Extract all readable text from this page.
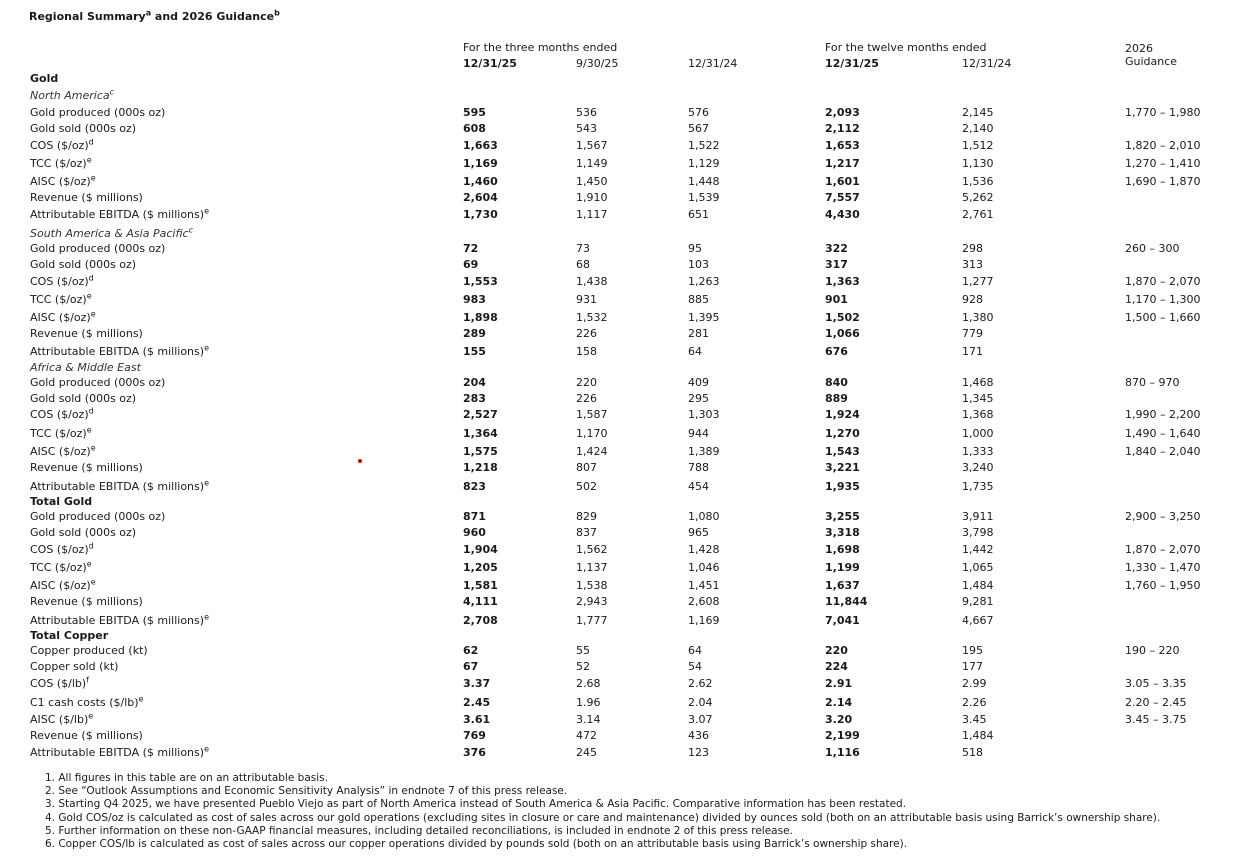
Regional Summary$^a$ and 2026 Guidance$^b$
For the three months ended	For the twelve months ended	2026
Guidance
12/31/25	9/30/25	12/31/24	12/31/25	12/31/24
Gold
North America$^c$
Gold produced (000s oz)	595	536	576	2,093	2,145	1,770 – 1,980
Gold sold (000s oz)	608	543	567	2,112	2,140
COS ($/oz)$^d$	1,663	1,567	1,522	1,653	1,512	1,820 – 2,010
TCC ($/oz)$^e$	1,169	1,149	1,129	1,217	1,130	1,270 – 1,410
AISC ($/oz)$^e$	1,460	1,450	1,448	1,601	1,536	1,690 – 1,870
Revenue ($ millions)	2,604	1,910	1,539	7,557	5,262
Attributable EBITDA ($ millions)$^e$	1,730	1,117	651	4,430	2,761
South America & Asia Pacific$^c$
Gold produced (000s oz)	72	73	95	322	298	260 – 300
Gold sold (000s oz)	69	68	103	317	313
COS ($/oz)$^d$	1,553	1,438	1,263	1,363	1,277	1,870 – 2,070
TCC ($/oz)$^e$	983	931	885	901	928	1,170 – 1,300
AISC ($/oz)$^e$	1,898	1,532	1,395	1,502	1,380	1,500 – 1,660
Revenue ($ millions)	289	226	281	1,066	779
Attributable EBITDA ($ millions)$^e$	155	158	64	676	171
Africa & Middle East
Gold produced (000s oz)	204	220	409	840	1,468	870 – 970
Gold sold (000s oz)	283	226	295	889	1,345
COS ($/oz)$^d$	2,527	1,587	1,303	1,924	1,368	1,990 – 2,200
TCC ($/oz)$^e$	1,364	1,170	944	1,270	1,000	1,490 – 1,640
AISC ($/oz)$^e$	1,575	1,424	1,389	1,543	1,333	1,840 – 2,040
Revenue ($ millions)	1,218	807	788	3,221	3,240
Attributable EBITDA ($ millions)$^e$	823	502	454	1,935	1,735
Total Gold
Gold produced (000s oz)	871	829	1,080	3,255	3,911	2,900 – 3,250
Gold sold (000s oz)	960	837	965	3,318	3,798
COS ($/oz)$^d$	1,904	1,562	1,428	1,698	1,442	1,870 – 2,070
TCC ($/oz)$^e$	1,205	1,137	1,046	1,199	1,065	1,330 – 1,470
AISC ($/oz)$^e$	1,581	1,538	1,451	1,637	1,484	1,760 – 1,950
Revenue ($ millions)	4,111	2,943	2,608	11,844	9,281
Attributable EBITDA ($ millions)$^e$	2,708	1,777	1,169	7,041	4,667
Total Copper
Copper produced (kt)	62	55	64	220	195	190 – 220
Copper sold (kt)	67	52	54	224	177
COS ($/lb)$^f$	3.37	2.68	2.62	2.91	2.99	3.05 – 3.35
C1 cash costs ($/lb)$^e$	2.45	1.96	2.04	2.14	2.26	2.20 – 2.45
AISC ($/lb)$^e$	3.61	3.14	3.07	3.20	3.45	3.45 – 3.75
Revenue ($ millions)	769	472	436	2,199	1,484
Attributable EBITDA ($ millions)$^e$	376	245	123	1,116	518
1. All figures in this table are on an attributable basis.
2. See “Outlook Assumptions and Economic Sensitivity Analysis” in endnote 7 of this press release.
3. Starting Q4 2025, we have presented Pueblo Viejo as part of North America instead of South America & Asia Pacific. Comparative information has been restated.
4. Gold COS/oz is calculated as cost of sales across our gold operations (excluding sites in closure or care and maintenance) divided by ounces sold (both on an attributable basis using Barrick’s ownership share).
5. Further information on these non-GAAP financial measures, including detailed reconciliations, is included in endnote 2 of this press release.
6. Copper COS/lb is calculated as cost of sales across our copper operations divided by pounds sold (both on an attributable basis using Barrick’s ownership share).
